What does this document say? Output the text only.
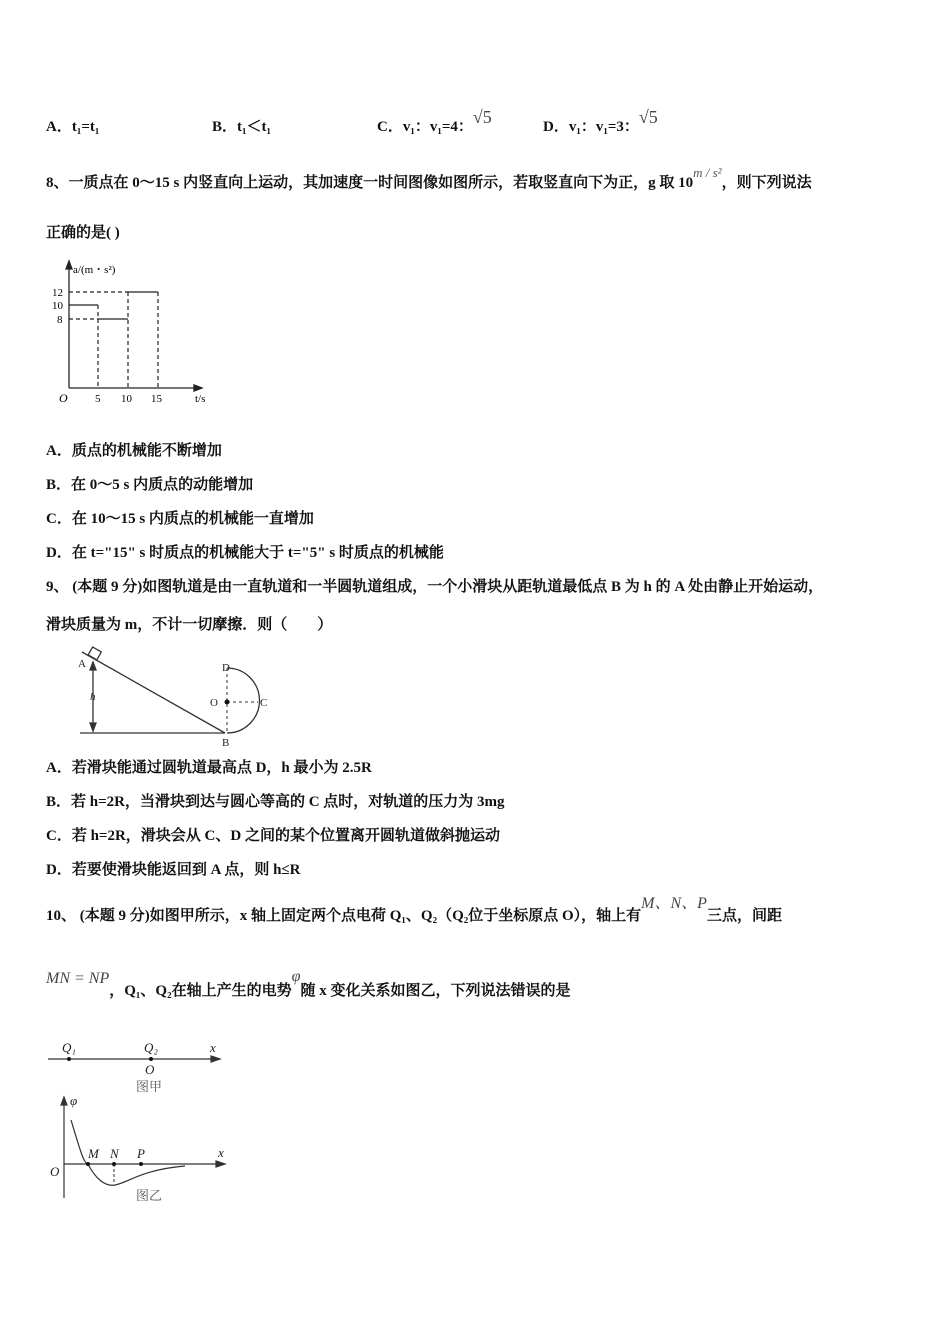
A．t₁=t₁	B．t₁＜t₁	C．v₁：v₁=4：√5	D．v₁：v₁=3：√5
8、一质点在 0～15 s 内竖直向上运动，其加速度一时间图像如图所示，若取竖直向下为正，g 取 10m / s²，则下列说法
正确的是( )
a/(m・s²)
12
10
8
O 5 10 15	t/s
A．质点的机械能不断增加
B．在 0～5 s 内质点的动能增加
C．在 10～15 s 内质点的机械能一直增加
D．在 t="15" s 时质点的机械能大于 t="5" s 时质点的机械能
9、 (本题 9 分)如图轨道是由一直轨道和一半圆轨道组成，一个小滑块从距轨道最低点 B 为 h 的 A 处由静止开始运动，
滑块质量为 m，不计一切摩擦．则（　　）
A
h
D
O	C
B
A．若滑块能通过圆轨道最高点 D，h 最小为 2.5R
B．若 h=2R，当滑块到达与圆心等高的 C 点时，对轨道的压力为 3mg
C．若 h=2R，滑块会从 C、D 之间的某个位置离开圆轨道做斜抛运动
D．若要使滑块能返回到 A 点，则 h≤R
10、 (本题 9 分)如图甲所示，x 轴上固定两个点电荷 Q₁、Q₂（Q₂位于坐标原点 O），轴上有M、N、P三点，间距
MN = NP，Q₁、Q₂在轴上产生的电势φ随 x 变化关系如图乙，下列说法错误的是
Q₁	Q₂	x
O
φ
O
M N P	x
图甲
图乙
